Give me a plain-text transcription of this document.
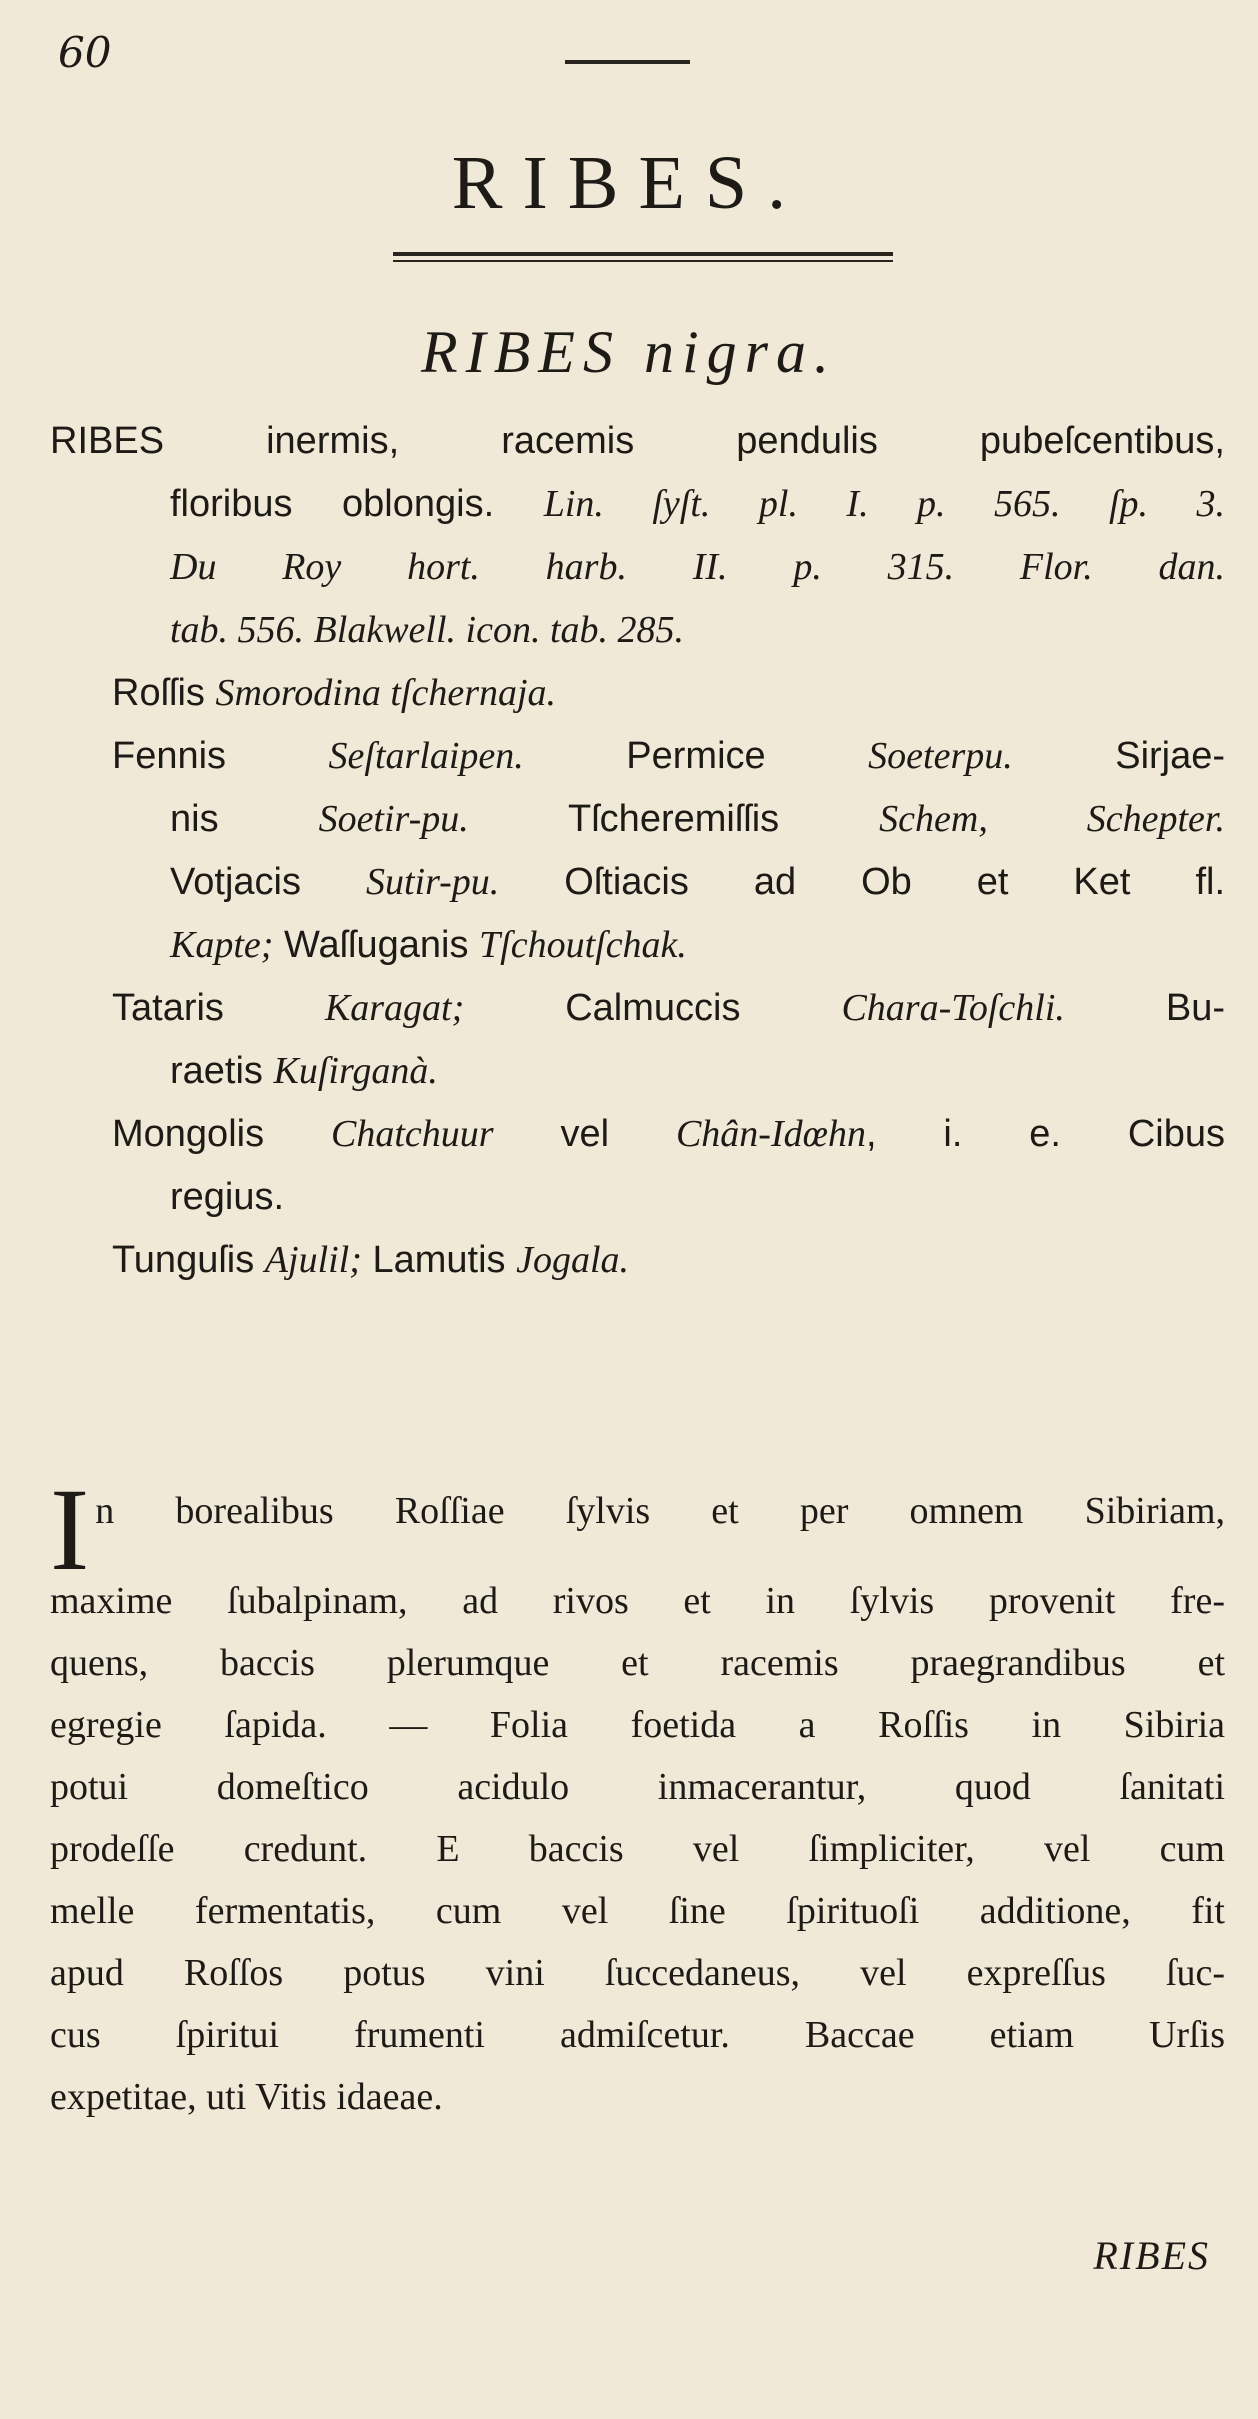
60
RIBES.
RIBES nigra.
RIBES inermis, racemis pendulis pubeſcentibus,
floribus oblongis. Lin. ſyſt. pl. I. p. 565. ſp. 3.
Du Roy hort. harb. II. p. 315. Flor. dan.
tab. 556. Blakwell. icon. tab. 285.
Roſſis Smorodina tſchernaja.
Fennis	Seſtarlaipen.	Permice	Soeterpu.	Sirjae-
nis	Soetir-pu.	Tſcheremiſſis	Schem, Schepter.
Votjacis Sutir-pu. Oſtiacis ad Ob et Ket fl.
Kapte; Waſſuganis Tſchoutſchak.
Tataris	Karagat;	Calmuccis	Chara-Toſchli.	Bu-
raetis Kuſirganà.
Mongolis Chatchuur vel Chân-Idœhn, i. e. Cibus
regius.
Tunguſis Ajulil; Lamutis Jogala.
I n borealibus Roſſiae ſylvis et per omnem Sibiriam,
maxime ſubalpinam, ad rivos et in ſylvis provenit fre-
quens, baccis plerumque et racemis praegrandibus et
egregie ſapida. — Folia foetida a Roſſis in Sibiria
potui domeſtico acidulo inmacerantur, quod ſanitati
prodeſſe credunt. E baccis vel ſimpliciter, vel cum
melle fermentatis, cum vel ſine ſpirituoſi additione, fit
apud Roſſos potus vini ſuccedaneus, vel expreſſus ſuc-
cus ſpiritui frumenti admiſcetur. Baccae etiam Urſis
expetitae, uti Vitis idaeae.
RIBES
